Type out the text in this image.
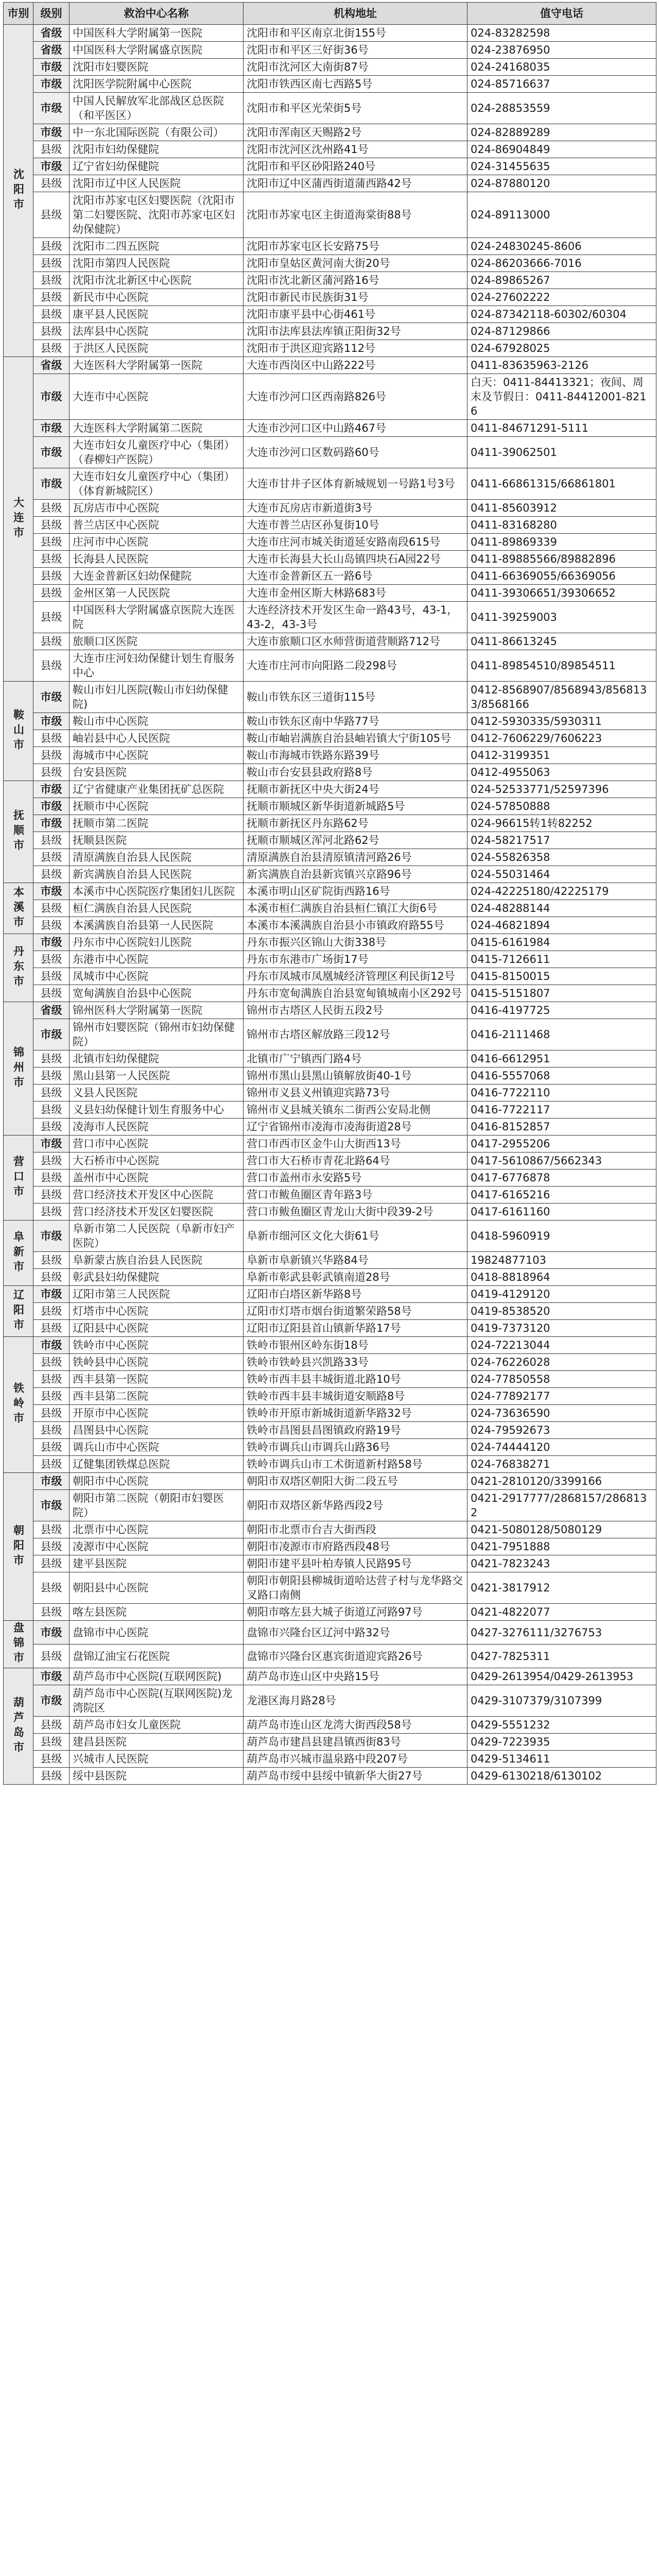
市别	级别	救治中心名称	机构地址	值守电话
沈阳市	省级	中国医科大学附属第一医院	沈阳市和平区南京北街155号	024-83282598
	省级	中国医科大学附属盛京医院	沈阳市和平区三好街36号	024-23876950
	市级	沈阳市妇婴医院	沈阳市沈河区大南街87号	024-24168035
	市级	沈阳医学院附属中心医院	沈阳市铁西区南七西路5号	024-85716637
	市级	中国人民解放军北部战区总医院（和平医区）	沈阳市和平区光荣街5号	024-28853559
	市级	中一东北国际医院（有限公司）	沈阳市浑南区天赐路2号	024-82889289
	县级	沈阳市妇幼保健院	沈阳市沈河区沈州路41号	024-86904849
	市级	辽宁省妇幼保健院	沈阳市和平区砂阳路240号	024-31455635
	县级	沈阳市辽中区人民医院	沈阳市辽中区蒲西街道蒲西路42号	024-87880120
	县级	沈阳市苏家屯区妇婴医院（沈阳市第二妇婴医院、沈阳市苏家屯区妇幼保健院）	沈阳市苏家屯区主街道海棠街88号	024-89113000
	县级	沈阳市二四五医院	沈阳市苏家屯区长安路75号	024-24830245-8606
	县级	沈阳市第四人民医院	沈阳市皇姑区黄河南大街20号	024-86203666-7016
	县级	沈阳市沈北新区中心医院	沈阳市沈北新区蒲河路16号	024-89865267
	县级	新民市中心医院	沈阳市新民市民族街31号	024-27602222
	县级	康平县人民医院	沈阳市康平县中心街461号	024-87342118-60302/60304
	县级	法库县中心医院	沈阳市法库县法库镇正阳街32号	024-87129866
	县级	于洪区人民医院	沈阳市于洪区迎宾路112号	024-67928025
大连市	省级	大连医科大学附属第一医院	大连市西岗区中山路222号	0411-83635963-2126
	市级	大连市中心医院	大连市沙河口区西南路826号	白天：0411-84413321；夜间、周末及节假日：0411-84412001-8216
	市级	大连医科大学附属第二医院	大连市沙河口区中山路467号	0411-84671291-5111
	市级	大连市妇女儿童医疗中心（集团）（春柳妇产医院）	大连市沙河口区数码路60号	0411-39062501
	市级	大连市妇女儿童医疗中心（集团）（体育新城院区）	大连市甘井子区体育新城规划一号路1号3号	0411-66861315/66861801
	县级	瓦房店市中心医院	大连市瓦房店市新道街3号	0411-85603912
	县级	普兰店区中心医院	大连市普兰店区孙复街10号	0411-83168280
	县级	庄河市中心医院	大连市庄河市城关街道延安路南段615号	0411-89869339
	县级	长海县人民医院	大连市长海县大长山岛镇四块石A园22号	0411-89885566/89882896
	县级	大连金普新区妇幼保健院	大连市金普新区五一路6号	0411-66369055/66369056
	县级	金州区第一人民医院	大连市金州区斯大林路683号	0411-39306651/39306652
	县级	中国医科大学附属盛京医院大连医院	大连经济技术开发区生命一路43号，43-1，43-2，43-3号	0411-39259003
	县级	旅顺口区医院	大连市旅顺口区水师营街道营顺路712号	0411-86613245
	县级	大连市庄河妇幼保健计划生育服务中心	大连市庄河市向阳路二段298号	0411-89854510/89854511
鞍山市	市级	鞍山市妇儿医院(鞍山市妇幼保健院)	鞍山市铁东区三道街115号	0412-8568907/8568943/8568133/8568166
	市级	鞍山市中心医院	鞍山市铁东区南中华路77号	0412-5930335/5930311
	县级	岫岩县中心人民医院	鞍山市岫岩满族自治县岫岩镇大宁街105号	0412-7606229/7606223
	县级	海城市中心医院	鞍山市海城市铁路东路39号	0412-3199351
	县级	台安县医院	鞍山市台安县县政府路8号	0412-4955063
抚顺市	市级	辽宁省健康产业集团抚矿总医院	抚顺市新抚区中央大街24号	024-52533771/52597396
	市级	抚顺市中心医院	抚顺市顺城区新华街道新城路5号	024-57850888
	市级	抚顺市第二医院	抚顺市新抚区丹东路62号	024-96615转1转82252
	县级	抚顺县医院	抚顺市顺城区浑河北路62号	024-58217517
	县级	清原满族自治县人民医院	清原满族自治县清原镇清河路26号	024-55826358
	县级	新宾满族自治县人民医院	新宾满族自治县新宾镇兴京路96号	024-55031464
本溪市	市级	本溪市中心医院医疗集团妇儿医院	本溪市明山区矿院街西路16号	024-42225180/42225179
	县级	桓仁满族自治县人民医院	本溪市桓仁满族自治县桓仁镇江大街6号	024-48288144
	县级	本溪满族自治县第一人民医院	本溪市本溪满族自治县小市镇政府路55号	024-46821894
丹东市	市级	丹东市中心医院妇儿医院	丹东市振兴区锦山大街338号	0415-6161984
	县级	东港市中心医院	丹东市东港市广场街17号	0415-7126611
	县级	凤城市中心医院	丹东市凤城市凤凰城经济管理区利民街12号	0415-8150015
	县级	宽甸满族自治县中心医院	丹东市宽甸满族自治县宽甸镇城南小区292号	0415-5151807
锦州市	省级	锦州医科大学附属第一医院	锦州市古塔区人民街五段2号	0416-4197725
	市级	锦州市妇婴医院（锦州市妇幼保健院）	锦州市古塔区解放路三段12号	0416-2111468
	县级	北镇市妇幼保健院	北镇市广宁镇西门路4号	0416-6612951
	县级	黑山县第一人民医院	锦州市黑山县黑山镇解放街40-1号	0416-5557068
	县级	义县人民医院	锦州市义县义州镇迎宾路73号	0416-7722110
	县级	义县妇幼保健计划生育服务中心	锦州市义县城关镇东二街西公安局北侧	0416-7722117
	县级	凌海市人民医院	辽宁省锦州市凌海市凌海街道28号	0416-8152857
营口市	市级	营口市中心医院	营口市西市区金牛山大街西13号	0417-2955206
	县级	大石桥市中心医院	营口市大石桥市青花北路64号	0417-5610867/5662343
	县级	盖州市中心医院	营口市盖州市永安路5号	0417-6776878
	县级	营口经济技术开发区中心医院	营口市鲅鱼圈区青年路3号	0417-6165216
	县级	营口经济技术开发区妇婴医院	营口市鲅鱼圈区青龙山大街中段39-2号	0417-6161160
阜新市	市级	阜新市第二人民医院（阜新市妇产医院）	阜新市细河区文化大街61号	0418-5960919
	县级	阜新蒙古族自治县人民医院	阜新市阜新镇兴华路84号	19824877103
	县级	彰武县妇幼保健院	阜新市彰武县彰武镇南道28号	0418-8818964
辽阳市	市级	辽阳市第三人民医院	辽阳市白塔区新华路8号	0419-4129120
	县级	灯塔市中心医院	辽阳市灯塔市烟台街道繁荣路58号	0419-8538520
	县级	辽阳县中心医院	辽阳市辽阳县首山镇新华路17号	0419-7373120
铁岭市	市级	铁岭市中心医院	铁岭市银州区岭东街18号	024-72213044
	县级	铁岭县中心医院	铁岭市铁岭县兴凯路33号	024-76226028
	县级	西丰县第一医院	铁岭市西丰县丰城街道北路10号	024-77850558
	县级	西丰县第二医院	铁岭市西丰县丰城街道安顺路8号	024-77892177
	县级	开原市中心医院	铁岭市开原市新城街道新华路32号	024-73636590
	县级	昌图县中心医院	铁岭市昌图县昌图镇政府路19号	024-79592673
	县级	调兵山市中心医院	铁岭市调兵山市调兵山路36号	024-74444120
	县级	辽健集团铁煤总医院	铁岭市调兵山市工术街道新村路58号	024-76838271
朝阳市	市级	朝阳市中心医院	朝阳市双塔区朝阳大街二段五号	0421-2810120/3399166
	市级	朝阳市第二医院（朝阳市妇婴医院）	朝阳市双塔区新华路西段2号	0421-2917777/2868157/2868132
	县级	北票市中心医院	朝阳市北票市台吉大街西段	0421-5080128/5080129
	县级	凌源市中心医院	朝阳市凌源市市府路西段48号	0421-7951888
	县级	建平县医院	朝阳市建平县叶柏寿镇人民路95号	0421-7823243
	县级	朝阳县中心医院	朝阳市朝阳县柳城街道哈达营子村与龙华路交叉路口南侧	0421-3817912
	县级	喀左县医院	朝阳市喀左县大城子街道辽河路97号	0421-4822077
盘锦市	市级	盘锦市中心医院	盘锦市兴隆台区辽河中路32号	0427-3276111/3276753
	县级	盘锦辽油宝石花医院	盘锦市兴隆台区惠宾街道迎宾路26号	0427-7825311
葫芦岛市	市级	葫芦岛市中心医院(互联网医院)	葫芦岛市连山区中央路15号	0429-2613954/0429-2613953
	市级	葫芦岛市中心医院(互联网医院)龙湾院区	龙港区海月路28号	0429-3107379/3107399
	县级	葫芦岛市妇女儿童医院	葫芦岛市连山区龙湾大街西段58号	0429-5551232
	县级	建昌县医院	葫芦岛市建昌县建昌镇西街83号	0429-7223935
	县级	兴城市人民医院	葫芦岛市兴城市温泉路中段207号	0429-5134611
	县级	绥中县医院	葫芦岛市绥中县绥中镇新华大街27号	0429-6130218/6130102
